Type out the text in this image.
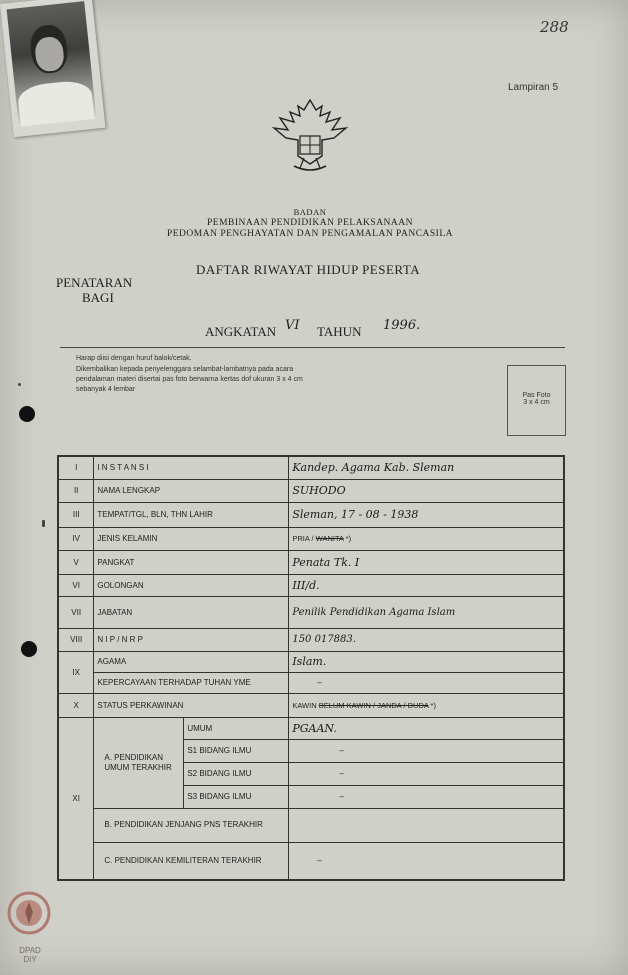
288
Lampiran 5
BADAN
PEMBINAAN PENDIDIKAN PELAKSANAAN
PEDOMAN PENGHAYATAN DAN PENGAMALAN PANCASILA
DAFTAR RIWAYAT HIDUP PESERTA
PENATARAN
BAGI
ANGKATAN VI TAHUN 1996.
Harap diisi dengan huruf balok/cetak.
Dikembalikan kepada penyelenggara selambat-lambatnya pada acara
pendalaman materi disertai pas foto berwarna kertas dof ukuran 3 x 4 cm
sebanyak 4 lembar
Pas Foto
3 x 4 cm
I	I N S T A N S I		Kandep. Agama Kab. Sleman
II	NAMA LENGKAP		SUHODO
III	TEMPAT/TGL, BLN, THN LAHIR		Sleman, 17 - 08 - 1938
IV	JENIS KELAMIN		PRIA / WANITA *)
V	PANGKAT		Penata Tk. I
VI	GOLONGAN		III/d.
VII	JABATAN		Penilik Pendidikan Agama Islam
VIII	N I P / N R P		150 017883.
IX	AGAMA		Islam.
	KEPERCAYAAN TERHADAP TUHAN YME		–
X	STATUS PERKAWINAN		KAWIN BELUM KAWIN / JANDA / DUDA *)
XI	A. PENDIDIKAN UMUM TERAKHIR	UMUM	PGAAN.
		S1 BIDANG ILMU	–
		S2 BIDANG ILMU	–
		S3 BIDANG ILMU	–
	B. PENDIDIKAN JENJANG PNS TERAKHIR		
	C. PENDIDIKAN KEMILITERAN TERAKHIR		–
DPAD DIY
